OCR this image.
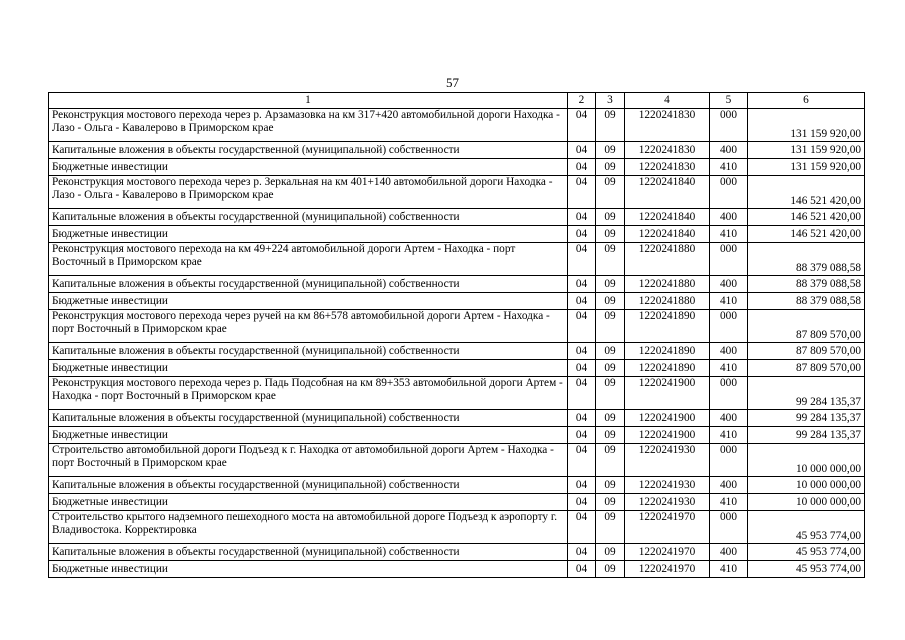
57
1	2	3	4	5	6
Реконструкция мостового перехода через р. Арзамазовка на км 317+420 автомобильной дороги Находка - Лазо - Ольга - Кавалерово в Приморском крае	04	09	1220241830	000	131 159 920,00
Капитальные вложения в объекты государственной (муниципальной) собственности	04	09	1220241830	400	131 159 920,00
Бюджетные инвестиции	04	09	1220241830	410	131 159 920,00
Реконструкция мостового перехода через р. Зеркальная на км 401+140 автомобильной дороги Находка - Лазо - Ольга - Кавалерово в Приморском крае	04	09	1220241840	000	146 521 420,00
Капитальные вложения в объекты государственной (муниципальной) собственности	04	09	1220241840	400	146 521 420,00
Бюджетные инвестиции	04	09	1220241840	410	146 521 420,00
Реконструкция мостового перехода на км 49+224 автомобильной дороги Артем - Находка - порт Восточный в Приморском крае	04	09	1220241880	000	88 379 088,58
Капитальные вложения в объекты государственной (муниципальной) собственности	04	09	1220241880	400	88 379 088,58
Бюджетные инвестиции	04	09	1220241880	410	88 379 088,58
Реконструкция мостового перехода через ручей на км 86+578 автомобильной дороги Артем - Находка - порт Восточный в Приморском крае	04	09	1220241890	000	87 809 570,00
Капитальные вложения в объекты государственной (муниципальной) собственности	04	09	1220241890	400	87 809 570,00
Бюджетные инвестиции	04	09	1220241890	410	87 809 570,00
Реконструкция мостового перехода через р. Падь Подсобная на км 89+353 автомобильной дороги Артем - Находка - порт Восточный в Приморском крае	04	09	1220241900	000	99 284 135,37
Капитальные вложения в объекты государственной (муниципальной) собственности	04	09	1220241900	400	99 284 135,37
Бюджетные инвестиции	04	09	1220241900	410	99 284 135,37
Строительство автомобильной дороги Подъезд к г. Находка от автомобильной дороги Артем - Находка - порт Восточный в Приморском крае	04	09	1220241930	000	10 000 000,00
Капитальные вложения в объекты государственной (муниципальной) собственности	04	09	1220241930	400	10 000 000,00
Бюджетные инвестиции	04	09	1220241930	410	10 000 000,00
Строительство крытого надземного пешеходного моста на автомобильной дороге Подъезд к аэропорту г. Владивостока. Корректировка	04	09	1220241970	000	45 953 774,00
Капитальные вложения в объекты государственной (муниципальной) собственности	04	09	1220241970	400	45 953 774,00
Бюджетные инвестиции	04	09	1220241970	410	45 953 774,00
